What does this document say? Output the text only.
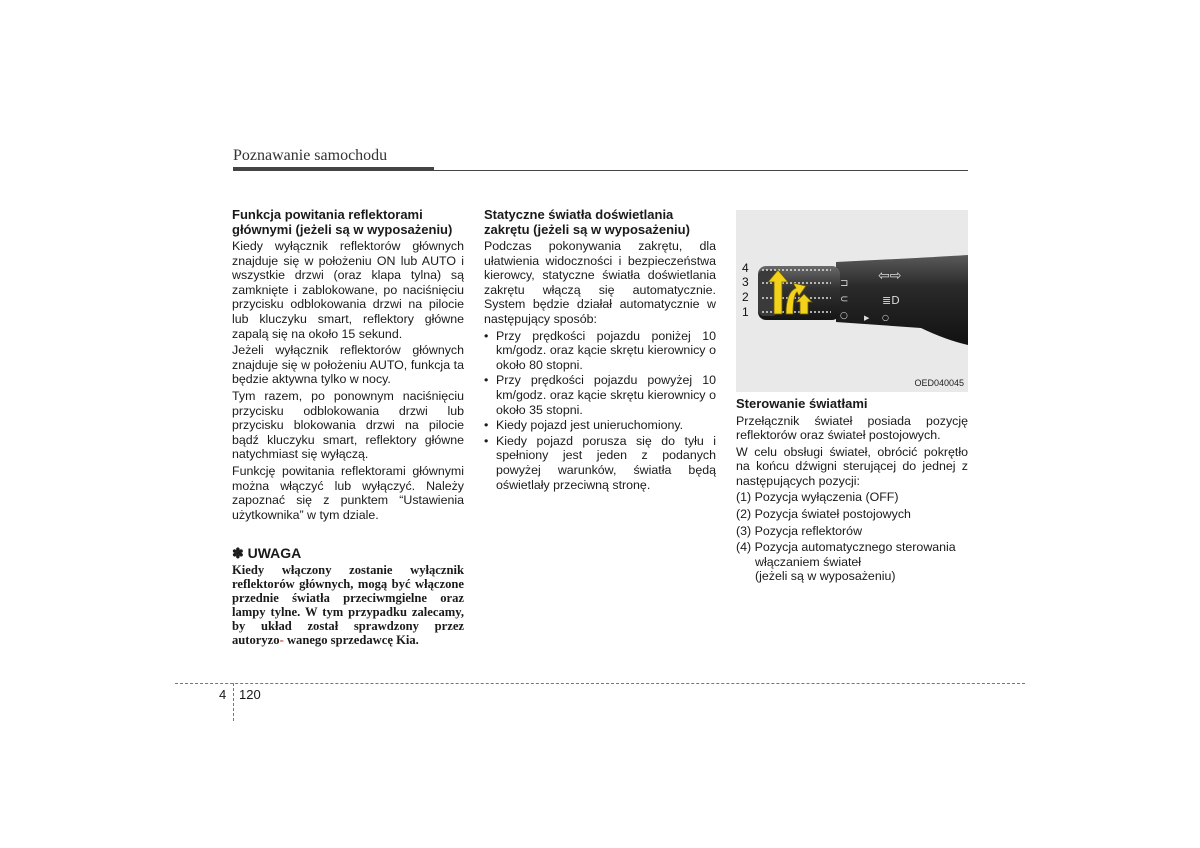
Poznawanie samochodu
Funkcja powitania reflektorami głównymi (jeżeli są w wyposażeniu)

Kiedy wyłącznik reflektorów głównych znajduje się w położeniu ON lub AUTO i wszystkie drzwi (oraz klapa tylna) są zamknięte i zablokowane, po naciśnięciu przycisku odblokowania drzwi na pilocie lub kluczyku smart, reflektory główne zapalą się na około 15 sekund.

Jeżeli wyłącznik reflektorów głównych znajduje się w położeniu AUTO, funkcja ta będzie aktywna tylko w nocy.

Tym razem, po ponownym naciśnięciu przycisku odblokowania drzwi lub przycisku blokowania drzwi na pilocie bądź kluczyku smart, reflektory główne natychmiast się wyłączą.

Funkcję powitania reflektorami głównymi można włączyć lub wyłączyć. Należy zapoznać się z punktem “Ustawienia użytkownika” w tym dziale.

✽ UWAGA

Kiedy włączony zostanie wyłącznik reflektorów głównych, mogą być włączone przednie światła przeciwmgielne oraz lampy tylne. W tym przypadku zalecamy, by układ został sprawdzony przez autoryzo- wanego sprzedawcę Kia.

Statyczne światła doświetlania zakrętu (jeżeli są w wyposażeniu)

Podczas pokonywania zakrętu, dla ułatwienia widoczności i bezpieczeństwa kierowcy, statyczne światła doświetlania zakrętu włączą się automatycznie. System będzie działał automatycznie w następujący sposób:

• Przy prędkości pojazdu poniżej 10 km/godz. oraz kącie skrętu kierownicy o około 80 stopni.
• Przy prędkości pojazdu powyżej 10 km/godz. oraz kącie skrętu kierownicy o około 35 stopni.
• Kiedy pojazd jest unieruchomiony.
• Kiedy pojazd porusza się do tyłu i spełniony jest jeden z podanych powyżej warunków, światła będą oświetlały przeciwną stronę.
⊐
⊂
○
⇦⇨
≣D
○
▶
4
3
2
1
OED040045
Sterowanie światłami

Przełącznik świateł posiada pozycję reflektorów oraz świateł postojowych.

W celu obsługi świateł, obrócić pokrętło na końcu dźwigni sterującej do jednej z następujących pozycji:

(1) Pozycja wyłączenia (OFF)
(2) Pozycja świateł postojowych
(3) Pozycja reflektorów
(4) Pozycja automatycznego sterowania
włączaniem świateł
(jeżeli są w wyposażeniu)
4 120
